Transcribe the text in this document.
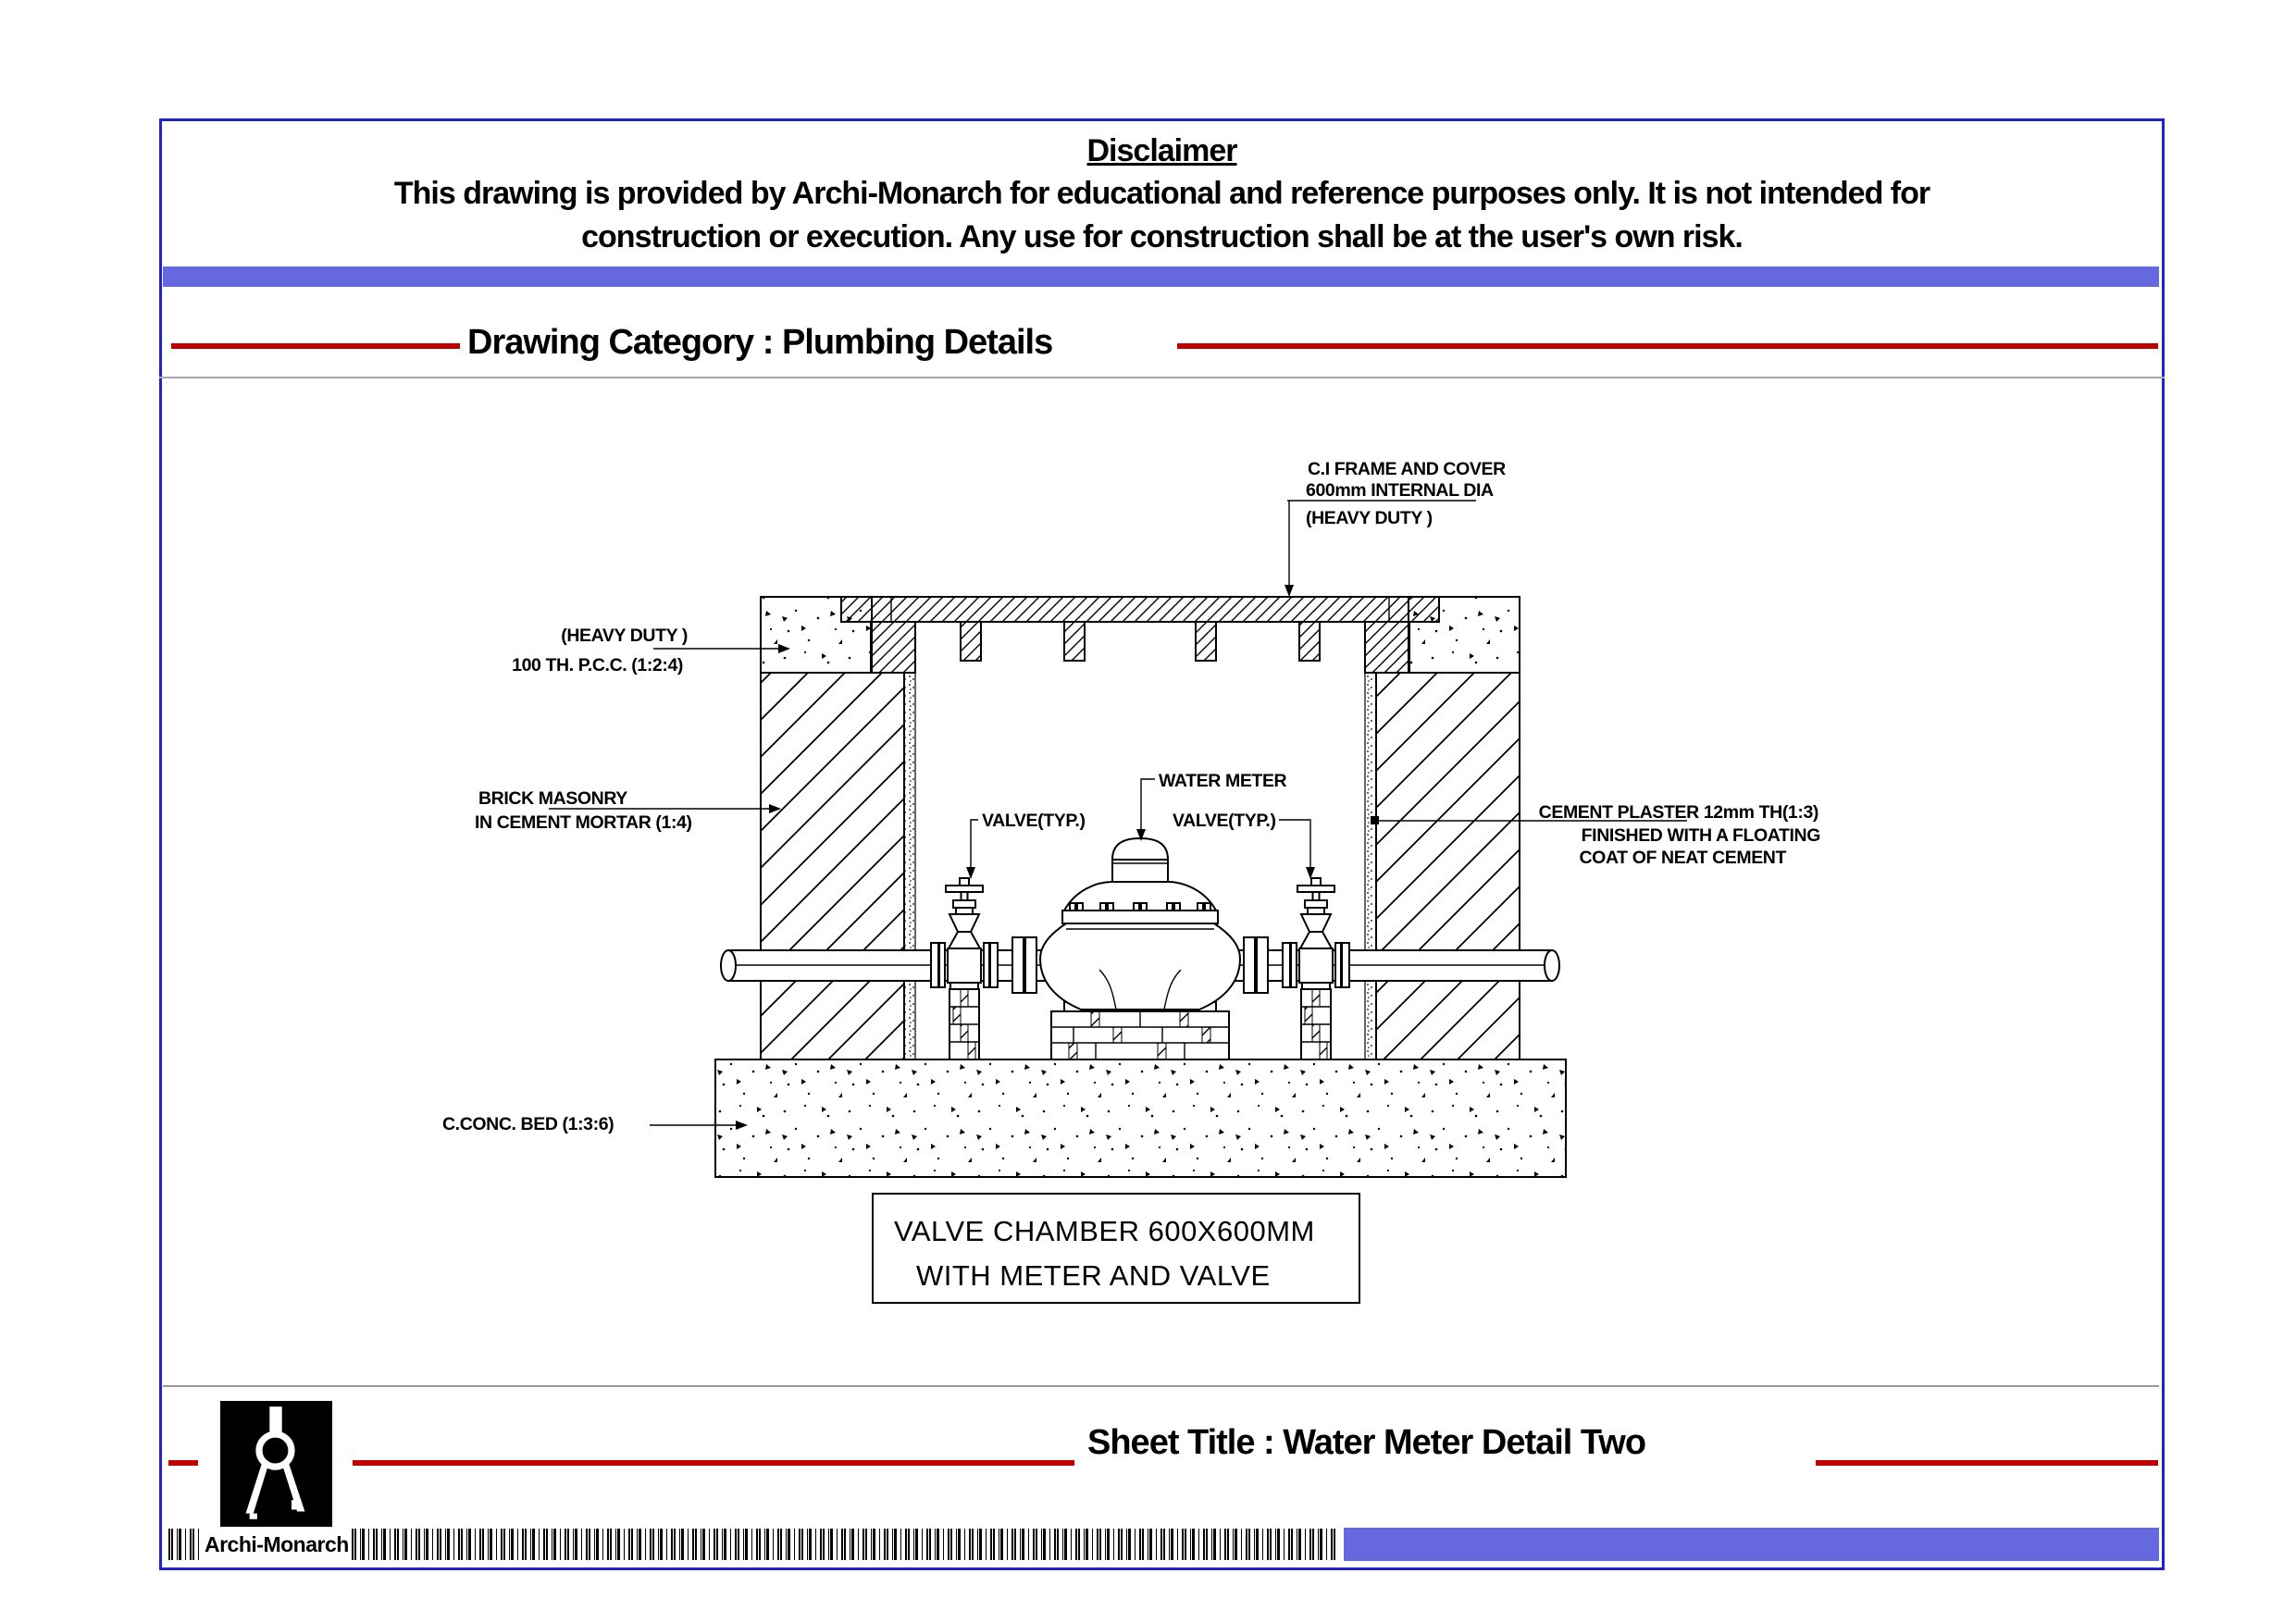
Disclaimer
This drawing is provided by Archi-Monarch for educational and reference purposes only. It is not intended for
construction or execution. Any use for construction shall be at the user's own risk.
Drawing Category : Plumbing Details
C.I FRAME AND COVER
600mm INTERNAL DIA
(HEAVY DUTY )
(HEAVY DUTY )
100 TH. P.C.C. (1:2:4)
BRICK MASONRY
IN CEMENT MORTAR (1:4)
WATER METER
VALVE(TYP.)	VALVE(TYP.)	CEMENT PLASTER 12mm TH(1:3)
FINISHED WITH A FLOATING
COAT OF NEAT CEMENT
C.CONC. BED (1:3:6)
VALVE CHAMBER 600X600MM
WITH METER AND VALVE
Sheet Title : Water Meter Detail Two
Archi-Monarch
